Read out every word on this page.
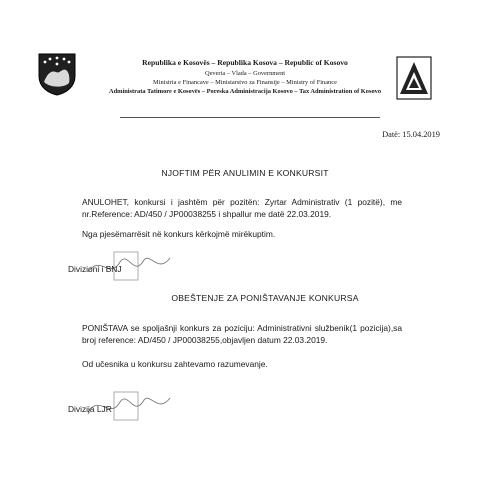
Republika e Kosovës – Republika Kosova – Republic of Kosovo
Qeveria – Vlada – Government
Ministria e Financave – Ministarstvo za Finansije – Ministry of Finance
Administrata Tatimore e Kosovës – Poreska Administracija Kosovo – Tax Administration of Kosovo
Datë: 15.04.2019
NJOFTIM PËR ANULIMIN E KONKURSIT
ANULOHET, konkursi i jashtëm për pozitën: Zyrtar Administrativ (1 pozitë), me nr.Reference: AD/450 / JP00038255 i shpallur me datë 22.03.2019.
Nga pjesëmarrësit në konkurs kërkojmë mirëkuptim.
Divizioni i BNJ
OBEŠTENJE ZA PONIŠTAVANJE KONKURSA
PONIŠTAVA se spoljašnji konkurs za poziciju: Administrativni službenik(1 pozicija),sa broj reference: AD/450 / JP00038255,objavljen datum 22.03.2019.
Od učesnika u konkursu zahtevamo razumevanje.
Divizija LJR
